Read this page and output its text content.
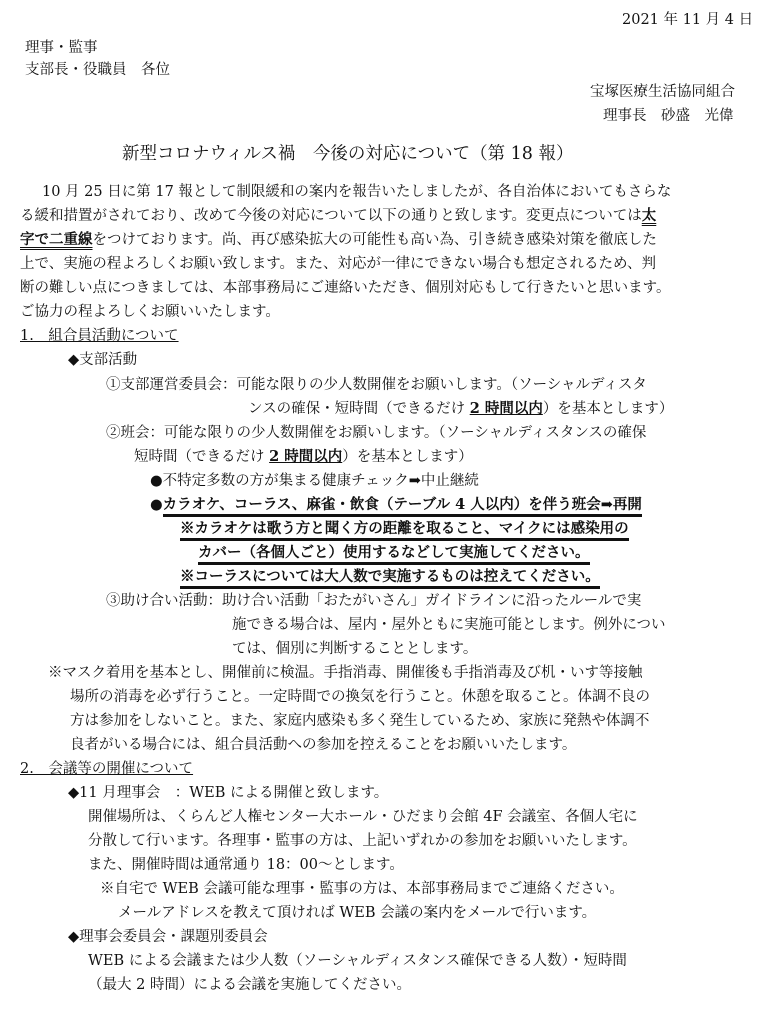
2021 年 11 月 4 日
理事・監事
支部長・役職員　各位
宝塚医療生活協同組合
理事長　砂盛　光偉
新型コロナウィルス禍　今後の対応について（第 18 報）
10 月 25 日に第 17 報として制限緩和の案内を報告いたしましたが、各自治体においてもさらな
る緩和措置がされており、改めて今後の対応について以下の通りと致します。変更点については太
字で二重線をつけております。尚、再び感染拡大の可能性も高い為、引き続き感染対策を徹底した
上で、実施の程よろしくお願い致します。また、対応が一律にできない場合も想定されるため、判
断の難しい点につきましては、本部事務局にご連絡いただき、個別対応もして行きたいと思います。
ご協力の程よろしくお願いいたします。
1.　組合員活動について
◆支部活動
①支部運営委員会：可能な限りの少人数開催をお願いします。（ソーシャルディスタ
ンスの確保・短時間（できるだけ 2 時間以内）を基本とします）
②班会：可能な限りの少人数開催をお願いします。（ソーシャルディスタンスの確保
短時間（できるだけ 2 時間以内）を基本とします）
●不特定多数の方が集まる健康チェック➡中止継続
●カラオケ、コーラス、麻雀・飲食（テーブル 4 人以内）を伴う班会➡再開
※カラオケは歌う方と聞く方の距離を取ること、マイクには感染用の
カバー（各個人ごと）使用するなどして実施してください。
※コーラスについては大人数で実施するものは控えてください。
③助け合い活動：助け合い活動「おたがいさん」ガイドラインに沿ったルールで実
施できる場合は、屋内・屋外ともに実施可能とします。例外につい
ては、個別に判断することとします。
※マスク着用を基本とし、開催前に検温。手指消毒、開催後も手指消毒及び机・いす等接触
場所の消毒を必ず行うこと。一定時間での換気を行うこと。休憩を取ること。体調不良の
方は参加をしないこと。また、家庭内感染も多く発生しているため、家族に発熱や体調不
良者がいる場合には、組合員活動への参加を控えることをお願いいたします。
2.　会議等の開催について
◆11 月理事会　：WEB による開催と致します。
開催場所は、くらんど人権センター大ホール・ひだまり会館 4F 会議室、各個人宅に
分散して行います。各理事・監事の方は、上記いずれかの参加をお願いいたします。
また、開催時間は通常通り 18：00〜とします。
※自宅で WEB 会議可能な理事・監事の方は、本部事務局までご連絡ください。
メールアドレスを教えて頂ければ WEB 会議の案内をメールで行います。
◆理事会委員会・課題別委員会
WEB による会議または少人数（ソーシャルディスタンス確保できる人数）・短時間
（最大 2 時間）による会議を実施してください。
